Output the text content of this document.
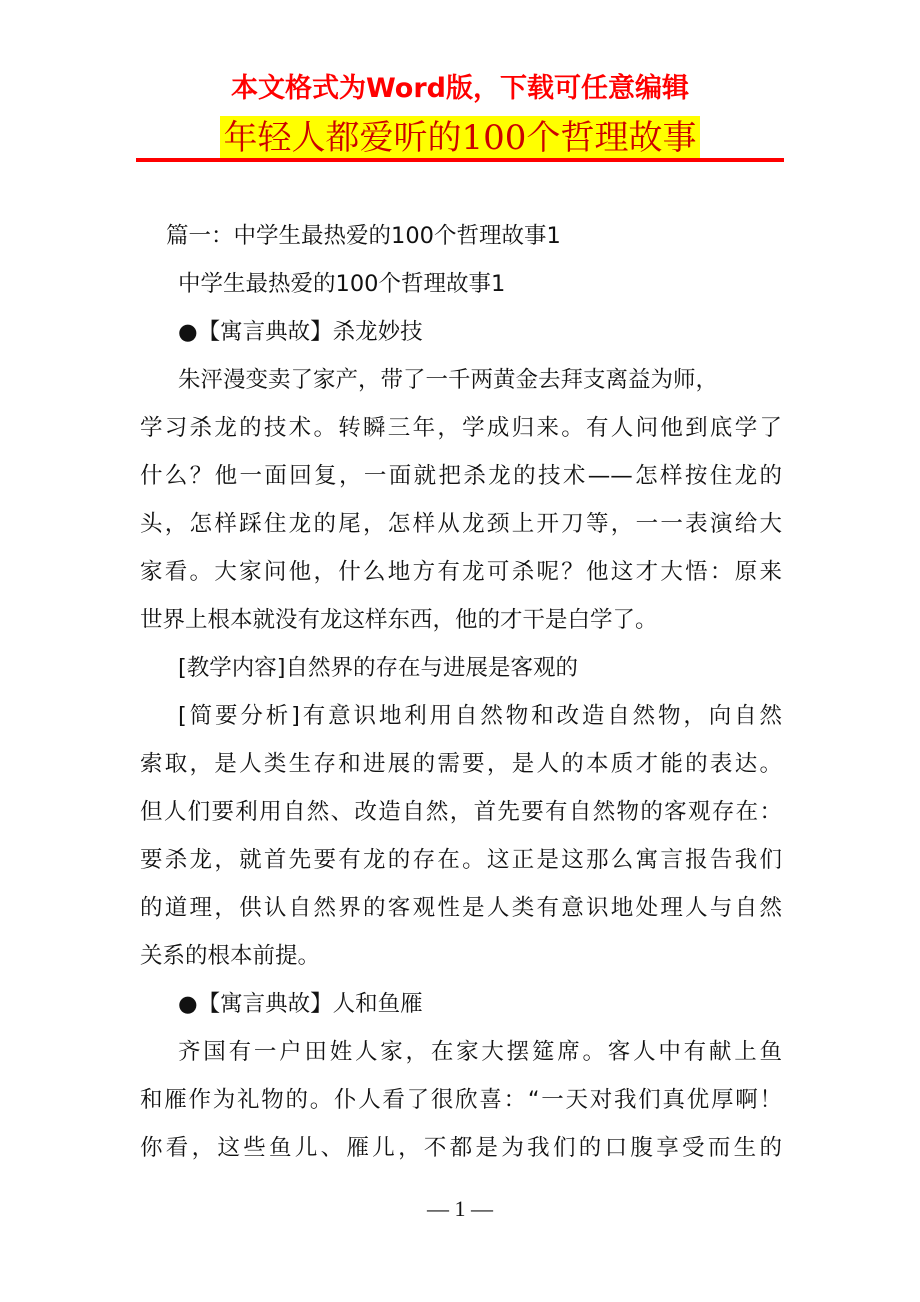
本文格式为Word版，下载可任意编辑
年轻人都爱听的100个哲理故事
篇一：中学生最热爱的100个哲理故事1
中学生最热爱的100个哲理故事1
●【寓言典故】杀龙妙技
朱泙漫变卖了家产，带了一千两黄金去拜支离益为师，
学习杀龙的技术。转瞬三年，学成归来。有人问他到底学了
什么？他一面回复，一面就把杀龙的技术——怎样按住龙的
头，怎样踩住龙的尾，怎样从龙颈上开刀等，一一表演给大
家看。大家问他，什么地方有龙可杀呢？他这才大悟：原来
世界上根本就没有龙这样东西，他的才干是白学了。
[教学内容]自然界的存在与进展是客观的
[简要分析]有意识地利用自然物和改造自然物，向自然
索取，是人类生存和进展的需要，是人的本质才能的表达。
但人们要利用自然、改造自然，首先要有自然物的客观存在：
要杀龙，就首先要有龙的存在。这正是这那么寓言报告我们
的道理，供认自然界的客观性是人类有意识地处理人与自然
关系的根本前提。
●【寓言典故】人和鱼雁
齐国有一户田姓人家，在家大摆筵席。客人中有献上鱼
和雁作为礼物的。仆人看了很欣喜：“一天对我们真优厚啊！
你看，这些鱼儿、雁儿，不都是为我们的口腹享受而生的
— 1 —
